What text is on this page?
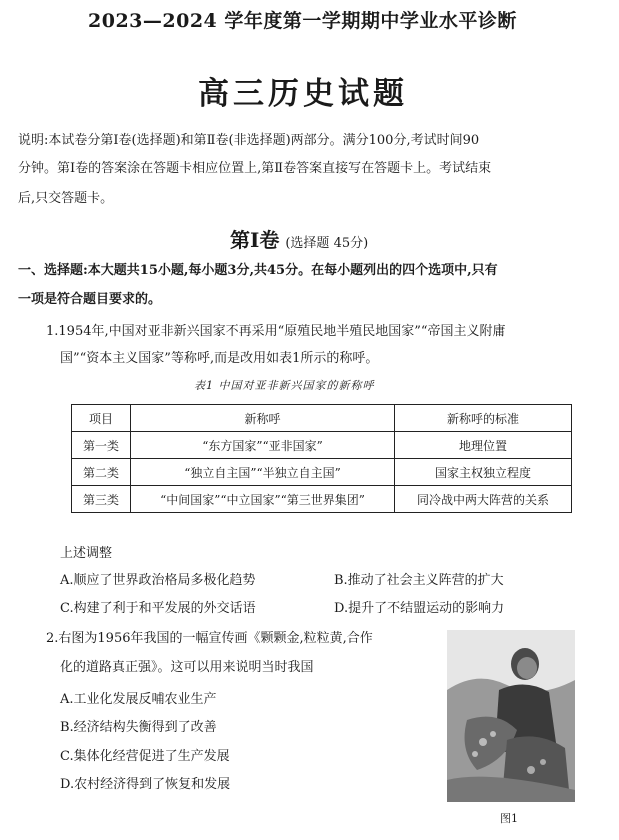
2023—2024 学年度第一学期期中学业水平诊断
高三历史试题
说明:本试卷分第Ⅰ卷(选择题)和第Ⅱ卷(非选择题)两部分。满分100分,考试时间90
分钟。第Ⅰ卷的答案涂在答题卡相应位置上,第Ⅱ卷答案直接写在答题卡上。考试结束
后,只交答题卡。
第Ⅰ卷 (选择题 45分)
一、选择题:本大题共15小题,每小题3分,共45分。在每小题列出的四个选项中,只有
一项是符合题目要求的。
1.1954年,中国对亚非新兴国家不再采用“原殖民地半殖民地国家”“帝国主义附庸
国”“资本主义国家”等称呼,而是改用如表1所示的称呼。
表1 中国对亚非新兴国家的新称呼
项目	新称呼	新称呼的标准
第一类	“东方国家”“亚非国家”	地理位置
第二类	“独立自主国”“半独立自主国”	国家主权独立程度
第三类	“中间国家”“中立国家”“第三世界集团”	同冷战中两大阵营的关系
上述调整
A.顺应了世界政治格局多极化趋势	B.推动了社会主义阵营的扩大
C.构建了利于和平发展的外交话语	D.提升了不结盟运动的影响力
2.右图为1956年我国的一幅宣传画《颗颗金,粒粒黄,合作
化的道路真正强》。这可以用来说明当时我国
A.工业化发展反哺农业生产
B.经济结构失衡得到了改善
C.集体化经营促进了生产发展
D.农村经济得到了恢复和发展
图1
